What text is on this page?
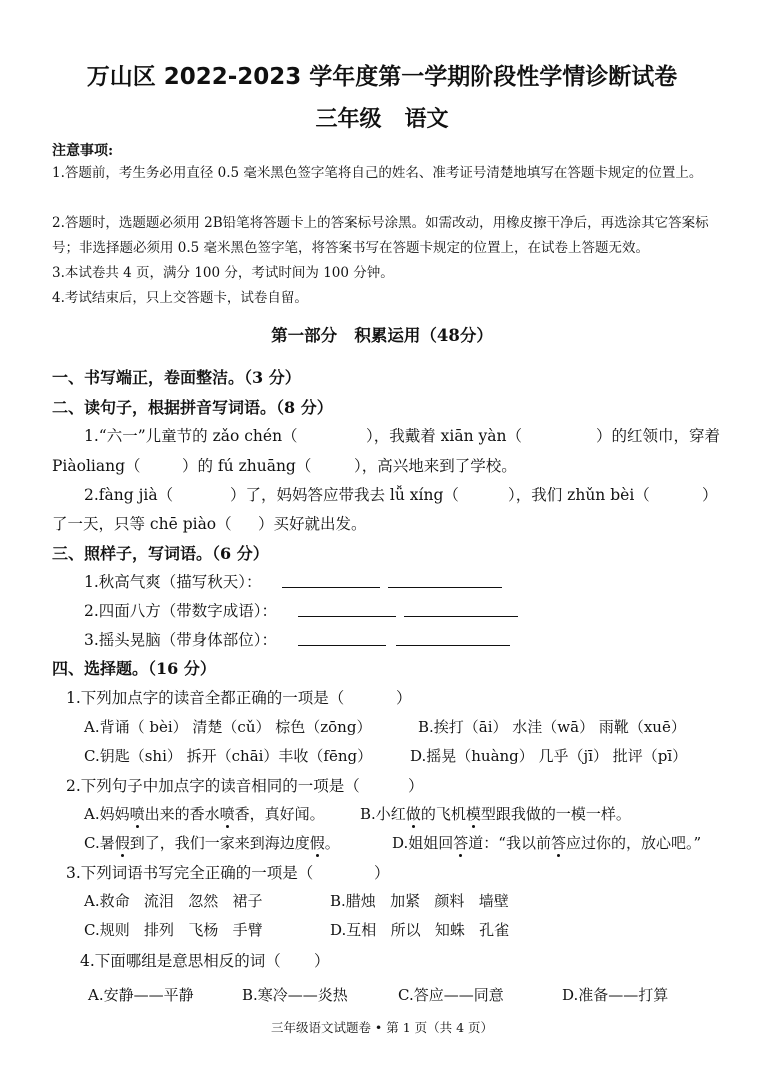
万山区 2022-2023 学年度第一学期阶段性学情诊断试卷
三年级   语文
注意事项:
1.答题前，考生务必用直径 0.5 毫米黑色签字笔将自己的姓名、准考证号清楚地填写在答题卡规定的位置上。
2.答题时，选题题必须用 2B铅笔将答题卡上的答案标号涂黑。如需改动，用橡皮擦干净后，再选涂其它答案标号；非选择题必须用 0.5 毫米黑色签字笔，将答案书写在答题卡规定的位置上，在试卷上答题无效。
3.本试卷共 4 页，满分 100 分，考试时间为 100 分钟。
4.考试结束后，只上交答题卡，试卷自留。
第一部分   积累运用（48分）
一、书写端正，卷面整洁。（3 分）
二、读句子，根据拼音写词语。（8 分）
1.“六一”儿童节的 zǎo chén（	），我戴着 xiān yàn（	）的红领巾，穿着
Piàoliang（	）的 fú zhuāng（	），高兴地来到了学校。
2.fàng jià（	）了，妈妈答应带我去 lǚ xíng（	），我们 zhǔn bèi（	）
了一天，只等 chē piào（ ）买好就出发。
三、照样子，写词语。（6 分）
1.秋高气爽（描写秋天）：
2.四面八方（带数字成语）：
3.摇头晃脑（带身体部位）：
四、选择题。（16 分）
1.下列加点字的读音全都正确的一项是（	）
A.背诵（ bèi） 清楚（cǔ） 棕色（zōng）	B.挨打（āi） 水洼（wā） 雨靴（xuē）
C.钥匙（shi） 拆开（chāi）丰收（fēng）	D.摇晃（huàng） 几乎（jī） 批评（pī）
2.下列句子中加点字的读音相同的一项是（	）
A.妈妈喷出来的香水喷香，真好闻。 B.小红做的飞机模型跟我做的一模一样。
C.暑假到了，我们一家来到海边度假。	D.姐姐回答道：“我以前答应过你的，放心吧。”
3.下列词语书写完全正确的一项是（	）
A.救命   流泪   忽然   裙子	B.腊烛   加紧   颜料   墙壁
C.规则   排列   飞杨   手臂	D.互相   所以   知蛛   孔雀
4.下面哪组是意思相反的词（ ）
A.安静——平静	B.寒冷——炎热	C.答应——同意	D.准备——打算
三年级语文试题卷 • 第 1 页（共 4 页）
